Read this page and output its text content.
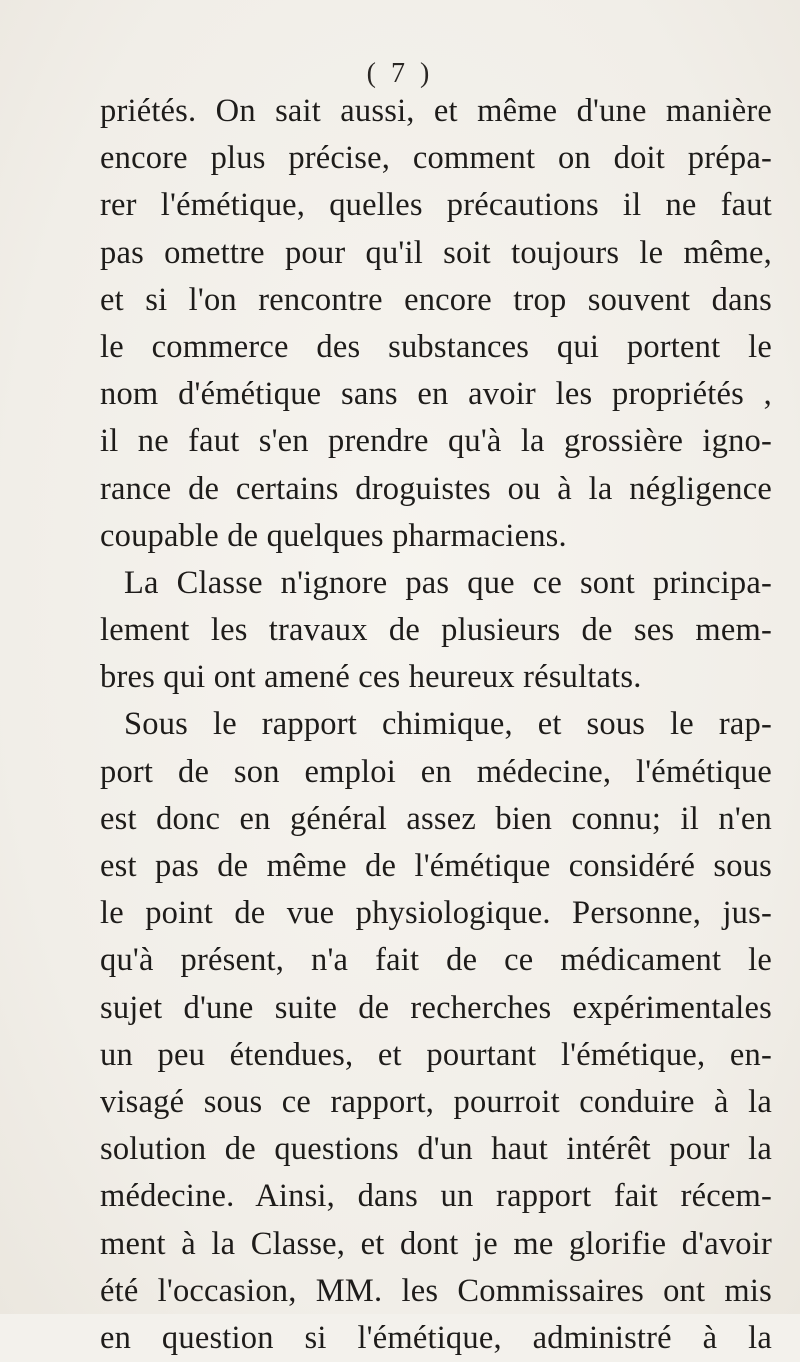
( 7 )
priétés. On sait aussi, et même d'une manière
encore plus précise, comment on doit prépa-
rer l'émétique, quelles précautions il ne faut
pas omettre pour qu'il soit toujours le même,
et si l'on rencontre encore trop souvent dans
le commerce des substances qui portent le
nom d'émétique sans en avoir les propriétés ,
il ne faut s'en prendre qu'à la grossière igno-
rance de certains droguistes ou à la négligence
coupable de quelques pharmaciens.
La Classe n'ignore pas que ce sont principa-
lement les travaux de plusieurs de ses mem-
bres qui ont amené ces heureux résultats.
Sous le rapport chimique, et sous le rap-
port de son emploi en médecine, l'émétique
est donc en général assez bien connu; il n'en
est pas de même de l'émétique considéré sous
le point de vue physiologique. Personne, jus-
qu'à présent, n'a fait de ce médicament le
sujet d'une suite de recherches expérimentales
un peu étendues, et pourtant l'émétique, en-
visagé sous ce rapport, pourroit conduire à la
solution de questions d'un haut intérêt pour la
médecine. Ainsi, dans un rapport fait récem-
ment à la Classe, et dont je me glorifie d'avoir
été l'occasion, MM. les Commissaires ont mis
en question si l'émétique, administré à la
